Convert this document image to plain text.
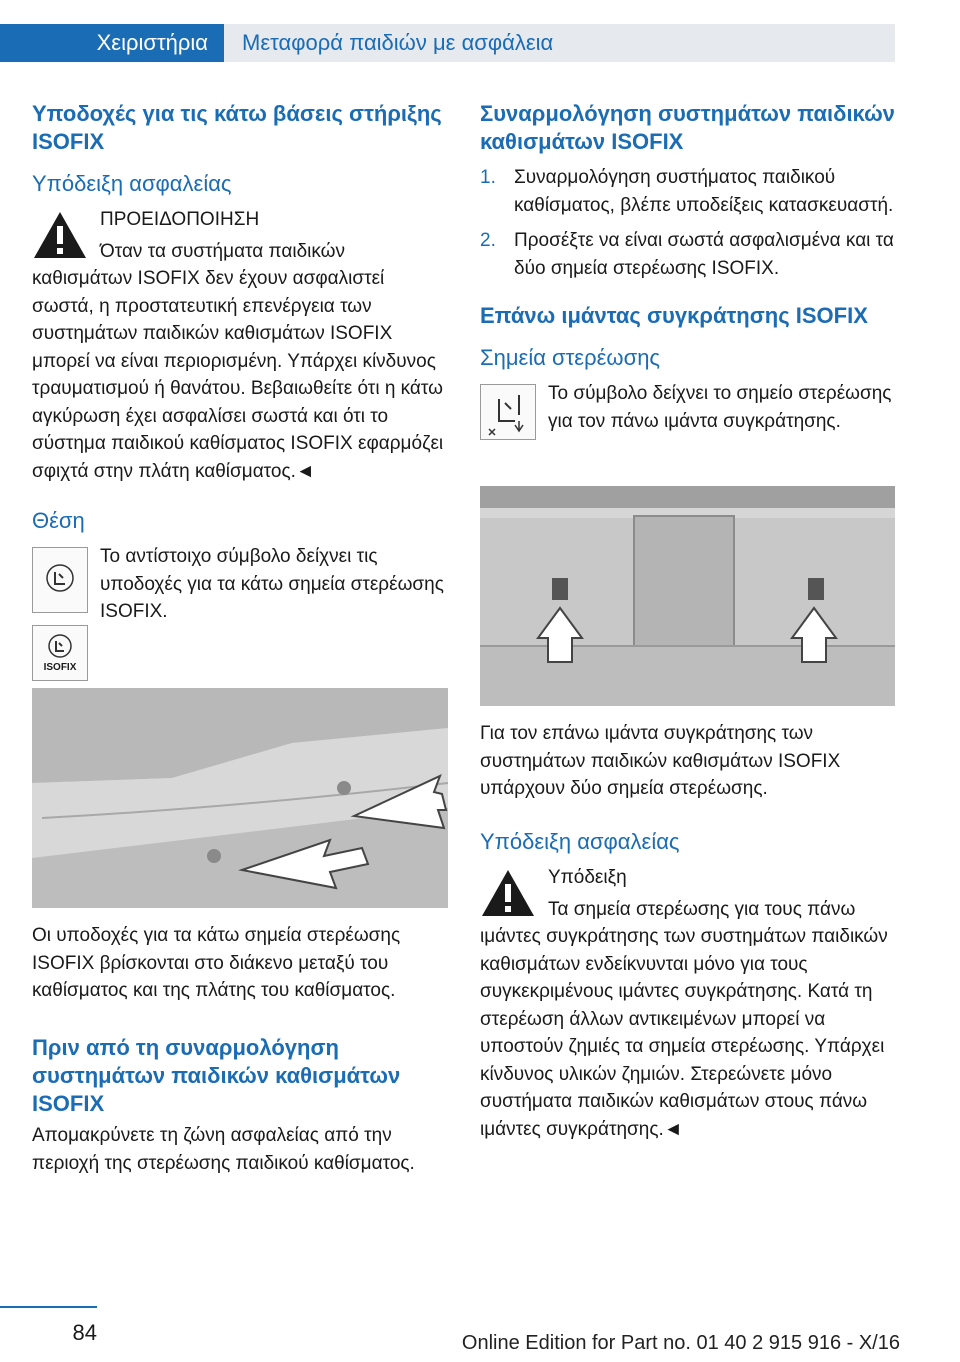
Χειριστήρια Μεταφορά παιδιών με ασφάλεια
Υποδοχές για τις κάτω βάσεις στήριξης ISOFIX
Υπόδειξη ασφαλείας

ΠΡΟΕΙΔΟΠΟΙΗΣΗ

Όταν τα συστήματα παιδικών καθισμάτων ISOFIX δεν έχουν ασφαλιστεί σωστά, η προστατευτική επενέργεια των συστημάτων παιδικών καθισμάτων ISOFIX μπορεί να είναι περιορισμένη. Υπάρχει κίνδυνος τραυματισμού ή θανάτου. Βεβαιωθείτε ότι η κάτω αγκύρωση έχει ασφαλίσει σωστά και ότι το σύστημα παιδικού καθίσματος ISOFIX εφαρμόζει σφιχτά στην πλάτη καθίσματος.◄

Θέση
ISOFIX

Το αντίστοιχο σύμβολο δείχνει τις υποδοχές για τα κάτω σημεία στερέωσης ISOFIX.

Οι υποδοχές για τα κάτω σημεία στερέωσης ISOFIX βρίσκονται στο διάκενο μεταξύ του καθίσματος και της πλάτης του καθίσματος.

Πριν από τη συναρμολόγηση συστημάτων παιδικών καθισμάτων ISOFIX

Απομακρύνετε τη ζώνη ασφαλείας από την περιοχή της στερέωσης παιδικού καθίσματος.

Συναρμολόγηση συστημάτων παιδικών καθισμάτων ISOFIX
1. Συναρμολόγηση συστήματος παιδικού καθίσματος, βλέπε υποδείξεις κατασκευαστή.
2. Προσέξτε να είναι σωστά ασφαλισμένα και τα δύο σημεία στερέωσης ISOFIX.
Επάνω ιμάντας συγκράτησης ISOFIX
Σημεία στερέωσης

Το σύμβολο δείχνει το σημείο στερέωσης για τον πάνω ιμάντα συγκράτησης.

Για τον επάνω ιμάντα συγκράτησης των συστημάτων παιδικών καθισμάτων ISOFIX υπάρχουν δύο σημεία στερέωσης.

Υπόδειξη ασφαλείας

Υπόδειξη

Τα σημεία στερέωσης για τους πάνω ιμάντες συγκράτησης των συστημάτων παιδικών καθισμάτων ενδείκνυνται μόνο για τους συγκεκριμένους ιμάντες συγκράτησης. Κατά τη στερέωση άλλων αντικειμένων μπορεί να υποστούν ζημιές τα σημεία στερέωσης. Υπάρχει κίνδυνος υλικών ζημιών. Στερεώνετε μόνο συστήματα παιδικών καθισμάτων στους πάνω ιμάντες συγκράτησης.◄

84	Online Edition for Part no. 01 40 2 915 916 - X/16
